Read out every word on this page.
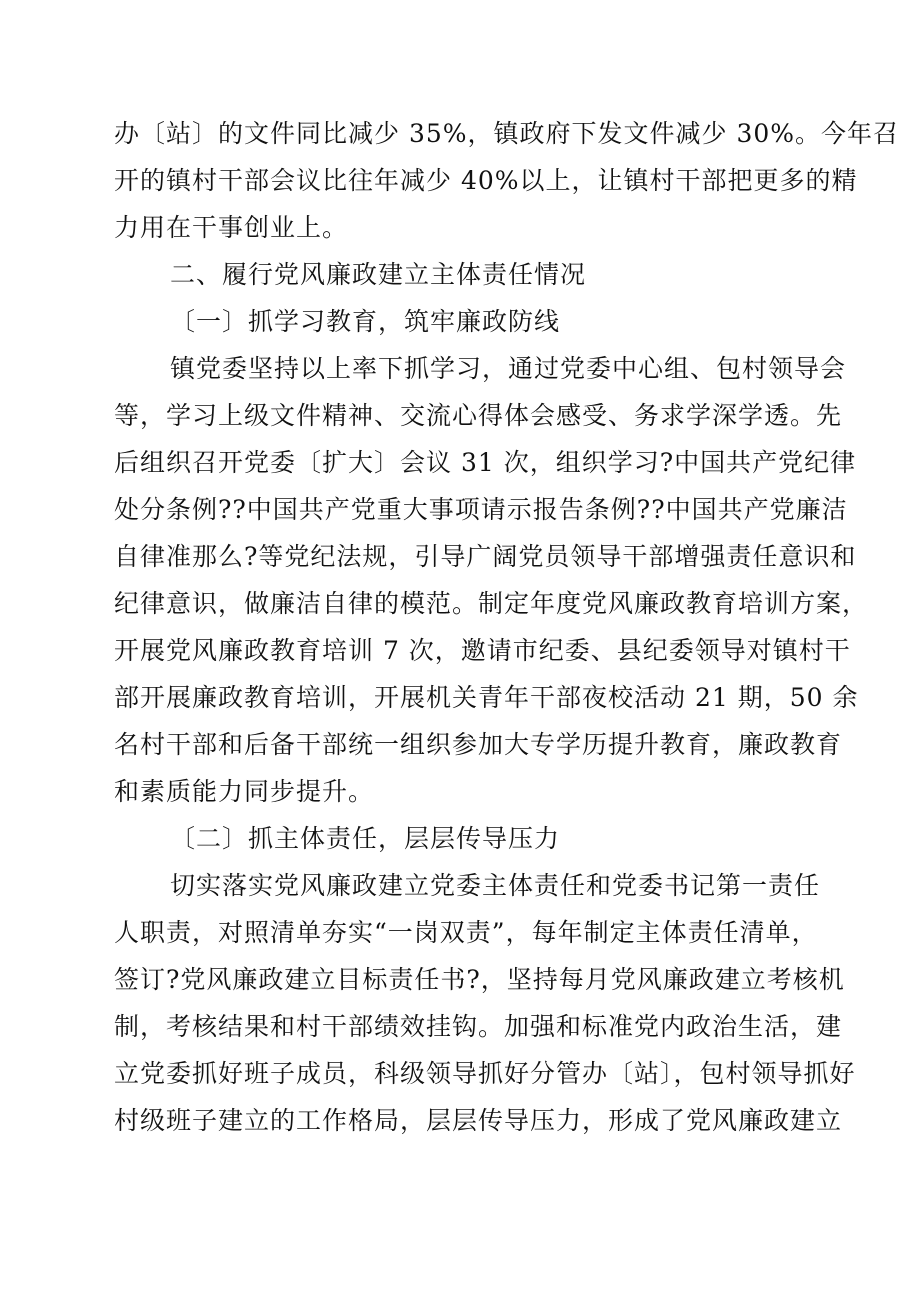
办〔站〕的文件同比减少 35%，镇政府下发文件减少 30%。今年召
开的镇村干部会议比往年减少 40%以上，让镇村干部把更多的精
力用在干事创业上。
二、履行党风廉政建立主体责任情况
〔一〕抓学习教育，筑牢廉政防线
镇党委坚持以上率下抓学习，通过党委中心组、包村领导会
等，学习上级文件精神、交流心得体会感受、务求学深学透。先
后组织召开党委〔扩大〕会议 31 次，组织学习?中国共产党纪律
处分条例??中国共产党重大事项请示报告条例??中国共产党廉洁
自律准那么?等党纪法规，引导广阔党员领导干部增强责任意识和
纪律意识，做廉洁自律的模范。制定年度党风廉政教育培训方案，
开展党风廉政教育培训 7 次，邀请市纪委、县纪委领导对镇村干
部开展廉政教育培训，开展机关青年干部夜校活动 21 期，50 余
名村干部和后备干部统一组织参加大专学历提升教育，廉政教育
和素质能力同步提升。
〔二〕抓主体责任，层层传导压力
切实落实党风廉政建立党委主体责任和党委书记第一责任
人职责，对照清单夯实“一岗双责”，每年制定主体责任清单，
签订?党风廉政建立目标责任书?，坚持每月党风廉政建立考核机
制，考核结果和村干部绩效挂钩。加强和标准党内政治生活，建
立党委抓好班子成员，科级领导抓好分管办〔站〕，包村领导抓好
村级班子建立的工作格局，层层传导压力，形成了党风廉政建立
